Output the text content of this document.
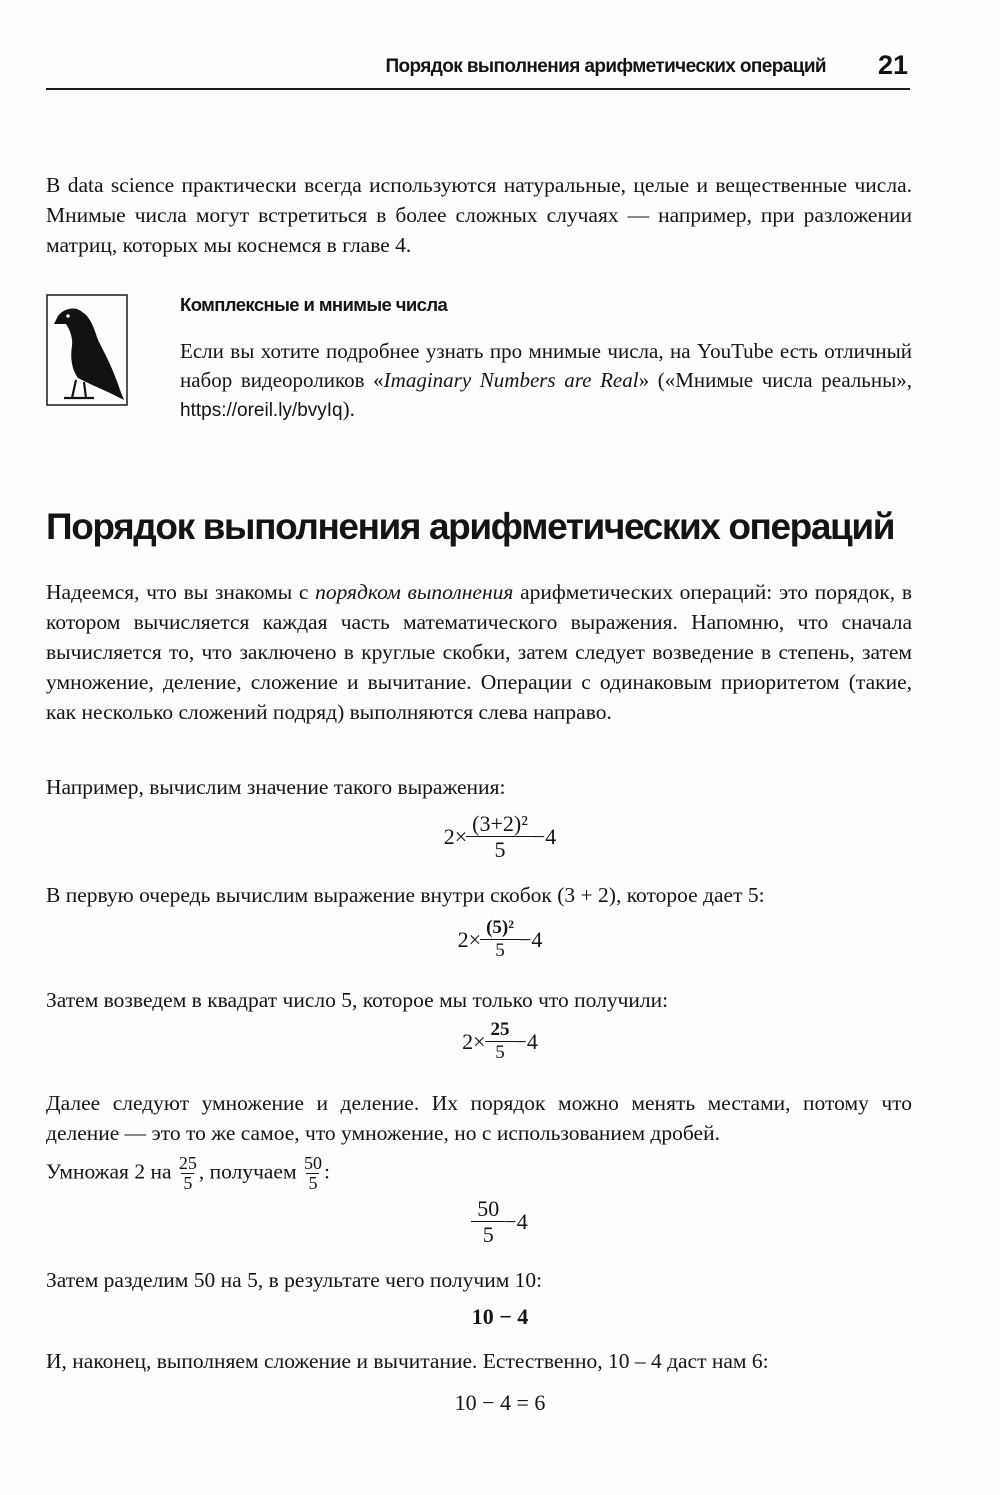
Порядок выполнения арифметических операций 21

В data science практически всегда используются натуральные, целые и вещественные числа. Мнимые числа могут встретиться в более сложных случаях — например, при разложении матриц, которых мы коснемся в главе 4.

Комплексные и мнимые числа

Если вы хотите подробнее узнать про мнимые числа, на YouTube есть отличный набор видеороликов «Imaginary Numbers are Real» («Мнимые числа реальны», https://oreil.ly/bvyIq).

Порядок выполнения арифметических операций

Надеемся, что вы знакомы с порядком выполнения арифметических операций: это порядок, в котором вычисляется каждая часть математического выражения. Напомню, что сначала вычисляется то, что заключено в круглые скобки, затем следует возведение в степень, затем умножение, деление, сложение и вычитание. Операции с одинаковым приоритетом (такие, как несколько сложений подряд) выполняются слева направо.

Например, вычислим значение такого выражения:

$2\times \frac{\text{(3+2)²}}{5} -4$

В первую очередь вычислим выражение внутри скобок (3 + 2), которое дает 5:

$2\times \frac{\text{(5)²}}{5} -4$

Затем возведем в квадрат число 5, которое мы только что получили:

$2\times \frac{25}{5} -4$

Далее следуют умножение и деление. Их порядок можно менять местами, потому что деление — это то же самое, что умножение, но с использованием дробей.

Умножая 2 на $\frac{25}{5}$ , получаем $\frac{50}{5}$ :

$\frac{50}{5} -4$

Затем разделим 50 на 5, в результате чего получим 10:

10 − 4

И, наконец, выполняем сложение и вычитание. Естественно, 10 – 4 даст нам 6:

10 − 4 = 6
